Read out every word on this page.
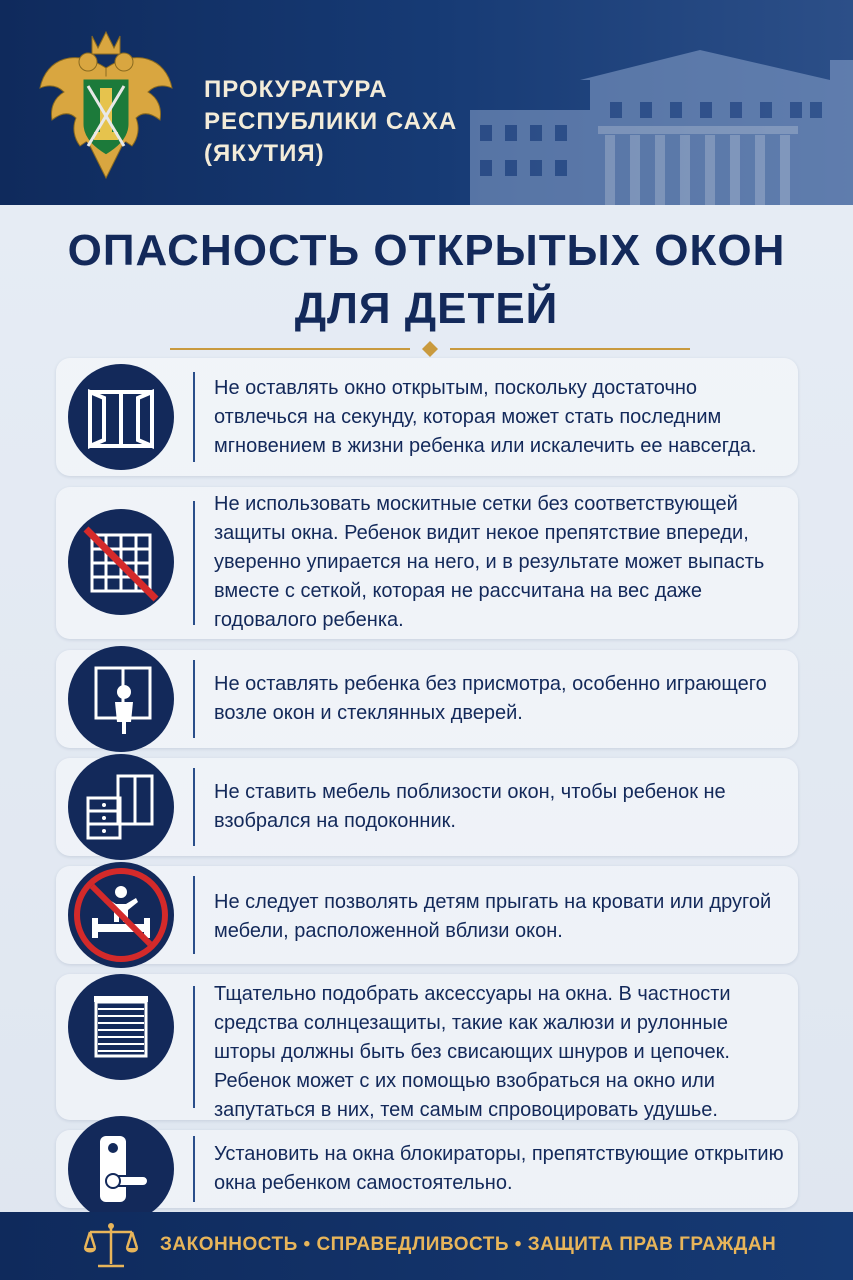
ПРОКУРАТУРА
РЕСПУБЛИКИ САХА
(ЯКУТИЯ)
ОПАСНОСТЬ ОТКРЫТЫХ ОКОН
ДЛЯ ДЕТЕЙ
Не оставлять окно открытым, поскольку достаточно отвлечься на секунду, которая может стать последним мгновением в жизни ребенка или искалечить ее навсегда.
Не использовать москитные сетки без соответствующей защиты окна. Ребенок видит некое препятствие впереди, уверенно упирается на него, и в результате может выпасть вместе с сеткой, которая не рассчитана на вес даже годовалого ребенка.
Не оставлять ребенка без присмотра, особенно играющего возле окон и стеклянных дверей.
Не ставить мебель поблизости окон, чтобы ребенок не взобрался на подоконник.
Не следует позволять детям прыгать на кровати или другой мебели, расположенной вблизи окон.
Тщательно подобрать аксессуары на окна. В частности средства солнцезащиты, такие как жалюзи и рулонные шторы должны быть без свисающих шнуров и цепочек. Ребенок может с их помощью взобраться на окно или запутаться в них, тем самым спровоцировать удушье.
Установить на окна блокираторы, препятствующие открытию окна ребенком самостоятельно.
ЗАКОННОСТЬ • СПРАВЕДЛИВОСТЬ • ЗАЩИТА ПРАВ ГРАЖДАН
